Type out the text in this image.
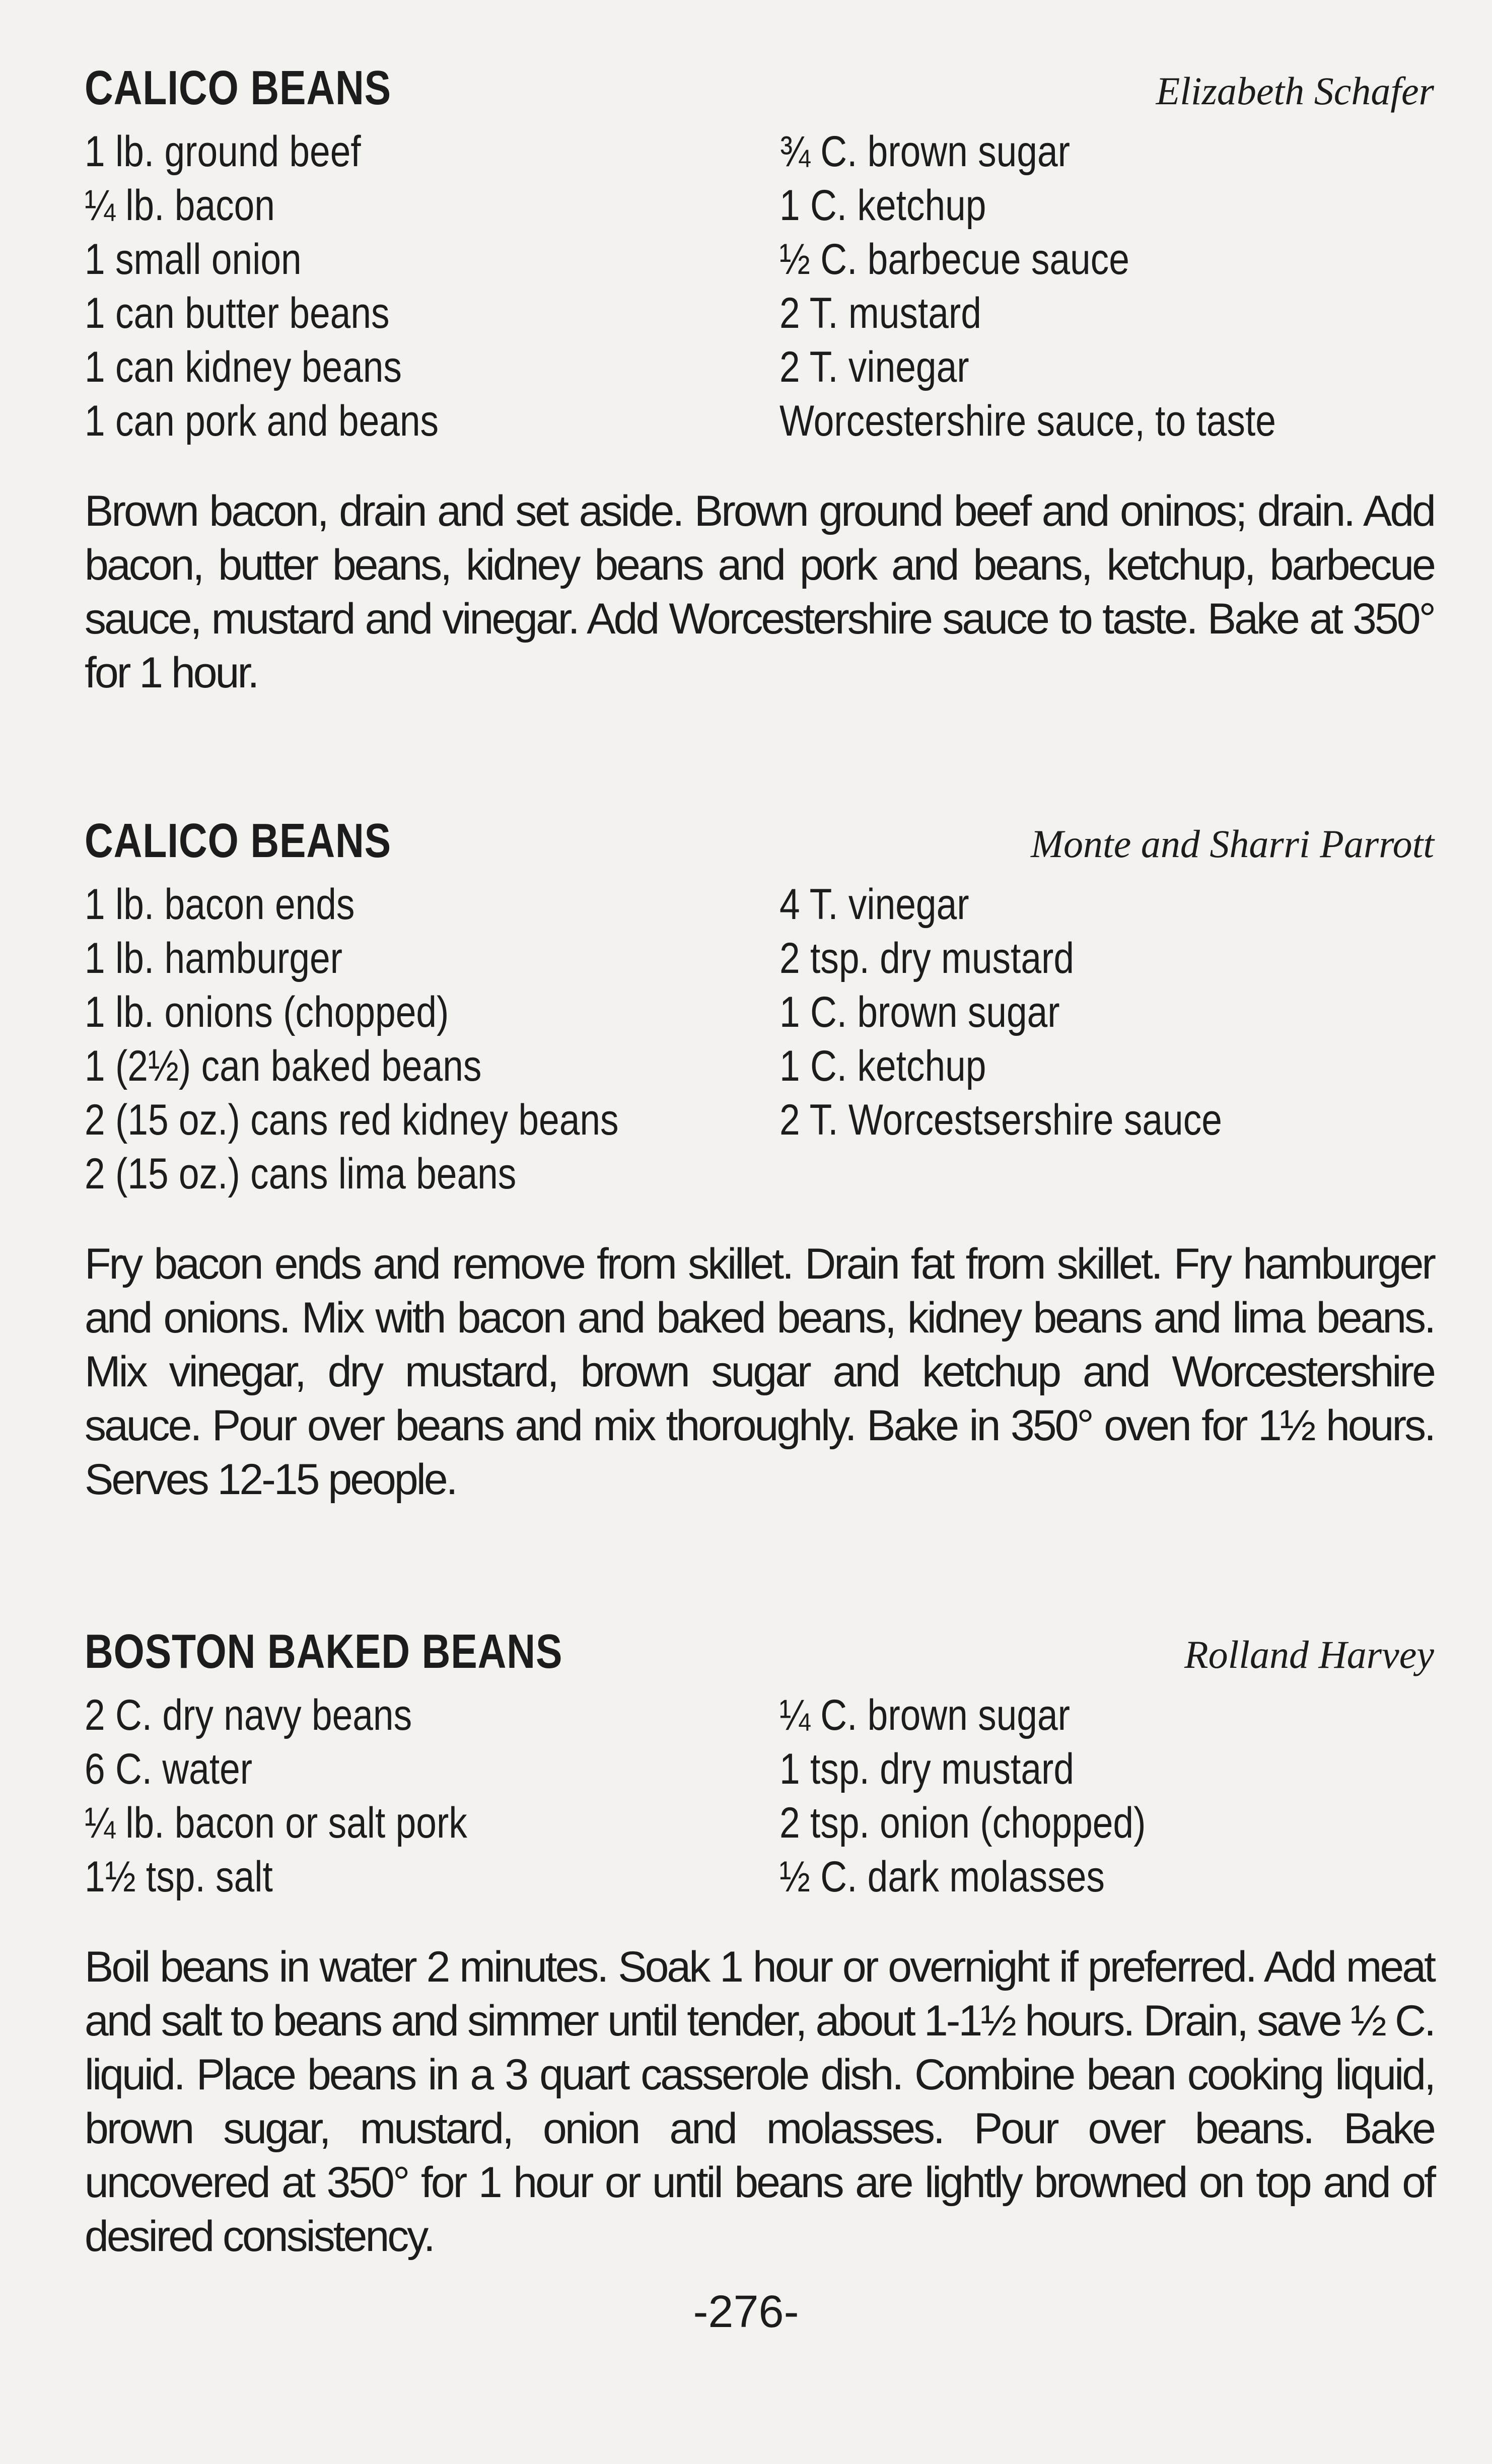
CALICO BEANS	Elizabeth Schafer
1 lb. ground beef
¼ lb. bacon
1 small onion
1 can butter beans
1 can kidney beans
1 can pork and beans
¾ C. brown sugar
1 C. ketchup
½ C. barbecue sauce
2 T. mustard
2 T. vinegar
Worcestershire sauce, to taste

Brown bacon, drain and set aside. Brown ground beef and oninos; drain. Add bacon, butter beans, kidney beans and pork and beans, ketchup, barbecue sauce, mustard and vinegar. Add Worcestershire sauce to taste. Bake at 350° for 1 hour.

CALICO BEANS	Monte and Sharri Parrott
1 lb. bacon ends
1 lb. hamburger
1 lb. onions (chopped)
1 (2½) can baked beans
2 (15 oz.) cans red kidney beans
2 (15 oz.) cans lima beans
4 T. vinegar
2 tsp. dry mustard
1 C. brown sugar
1 C. ketchup
2 T. Worcestsershire sauce

Fry bacon ends and remove from skillet. Drain fat from skillet. Fry hamburger and onions. Mix with bacon and baked beans, kidney beans and lima beans. Mix vinegar, dry mustard, brown sugar and ketchup and Worcestershire sauce. Pour over beans and mix thoroughly. Bake in 350° oven for 1½ hours. Serves 12-15 people.

BOSTON BAKED BEANS	Rolland Harvey
2 C. dry navy beans
6 C. water
¼ lb. bacon or salt pork
1½ tsp. salt
¼ C. brown sugar
1 tsp. dry mustard
2 tsp. onion (chopped)
½ C. dark molasses

Boil beans in water 2 minutes. Soak 1 hour or overnight if preferred. Add meat and salt to beans and simmer until tender, about 1-1½ hours. Drain, save ½ C. liquid. Place beans in a 3 quart casserole dish. Combine bean cooking liquid, brown sugar, mustard, onion and molasses. Pour over beans. Bake uncovered at 350° for 1 hour or until beans are lightly browned on top and of desired consistency.

-276-
